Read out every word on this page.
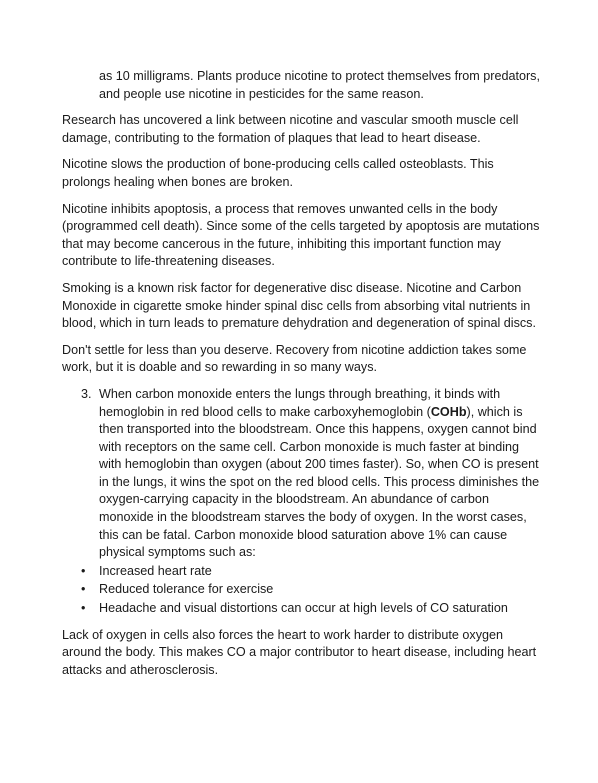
as 10 milligrams. Plants produce nicotine to protect themselves from predators, and people use nicotine in pesticides for the same reason.

Research has uncovered a link between nicotine and vascular smooth muscle cell damage, contributing to the formation of plaques that lead to heart disease.

Nicotine slows the production of bone-producing cells called osteoblasts. This prolongs healing when bones are broken.

Nicotine inhibits apoptosis, a process that removes unwanted cells in the body (programmed cell death). Since some of the cells targeted by apoptosis are mutations that may become cancerous in the future, inhibiting this important function may contribute to life-threatening diseases.

Smoking is a known risk factor for degenerative disc disease. Nicotine and Carbon Monoxide in cigarette smoke hinder spinal disc cells from absorbing vital nutrients in blood, which in turn leads to premature dehydration and degeneration of spinal discs.

Don't settle for less than you deserve. Recovery from nicotine addiction takes some work, but it is doable and so rewarding in so many ways.

3. When carbon monoxide enters the lungs through breathing, it binds with hemoglobin in red blood cells to make carboxyhemoglobin (COHb), which is then transported into the bloodstream. Once this happens, oxygen cannot bind with receptors on the same cell. Carbon monoxide is much faster at binding with hemoglobin than oxygen (about 200 times faster). So, when CO is present in the lungs, it wins the spot on the red blood cells. This process diminishes the oxygen-carrying capacity in the bloodstream. An abundance of carbon monoxide in the bloodstream starves the body of oxygen. In the worst cases, this can be fatal. Carbon monoxide blood saturation above 1% can cause physical symptoms such as:
• Increased heart rate
• Reduced tolerance for exercise
• Headache and visual distortions can occur at high levels of CO saturation

Lack of oxygen in cells also forces the heart to work harder to distribute oxygen around the body. This makes CO a major contributor to heart disease, including heart attacks and atherosclerosis.
